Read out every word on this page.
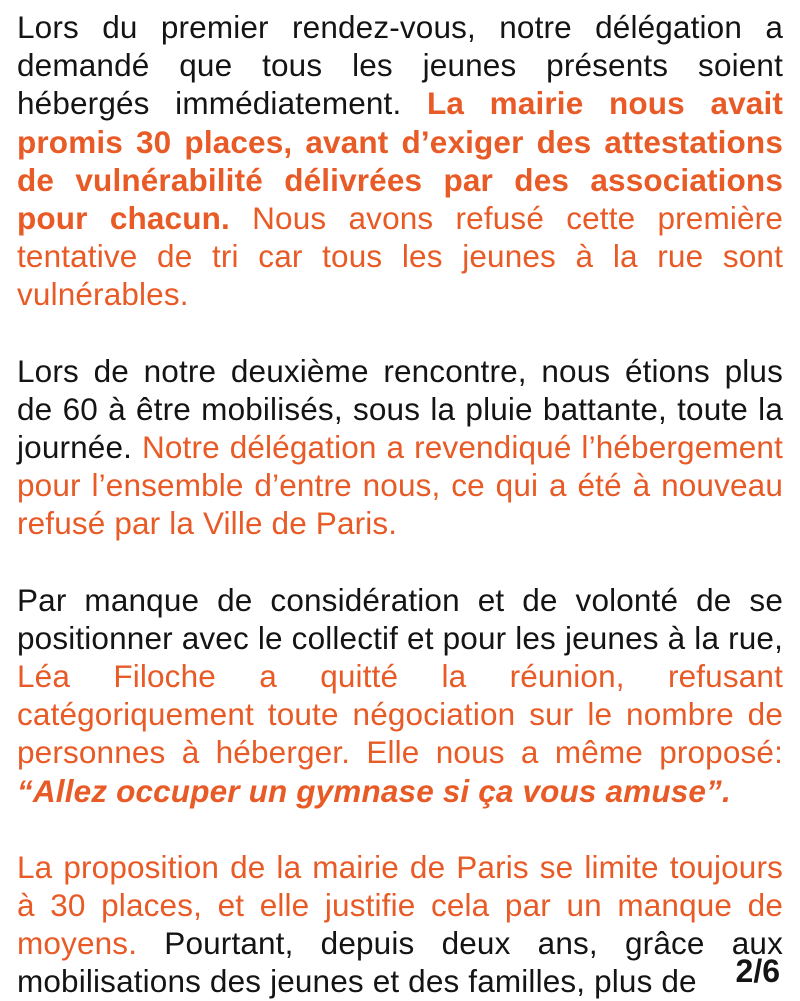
Lors du premier rendez-vous, notre délégation a demandé que tous les jeunes présents soient hébergés immédiatement. La mairie nous avait promis 30 places, avant d’exiger des attestations de vulnérabilité délivrées par des associations pour chacun. Nous avons refusé cette première tentative de tri car tous les jeunes à la rue sont vulnérables.

Lors de notre deuxième rencontre, nous étions plus de 60 à être mobilisés, sous la pluie battante, toute la journée. Notre délégation a revendiqué l’hébergement pour l’ensemble d’entre nous, ce qui a été à nouveau refusé par la Ville de Paris.

Par manque de considération et de volonté de se positionner avec le collectif et pour les jeunes à la rue, Léa Filoche a quitté la réunion, refusant catégoriquement toute négociation sur le nombre de personnes à héberger. Elle nous a même proposé: “Allez occuper un gymnase si ça vous amuse”.

La proposition de la mairie de Paris se limite toujours à 30 places, et elle justifie cela par un manque de moyens. Pourtant, depuis deux ans, grâce aux mobilisations des jeunes et des familles, plus de	2/6
